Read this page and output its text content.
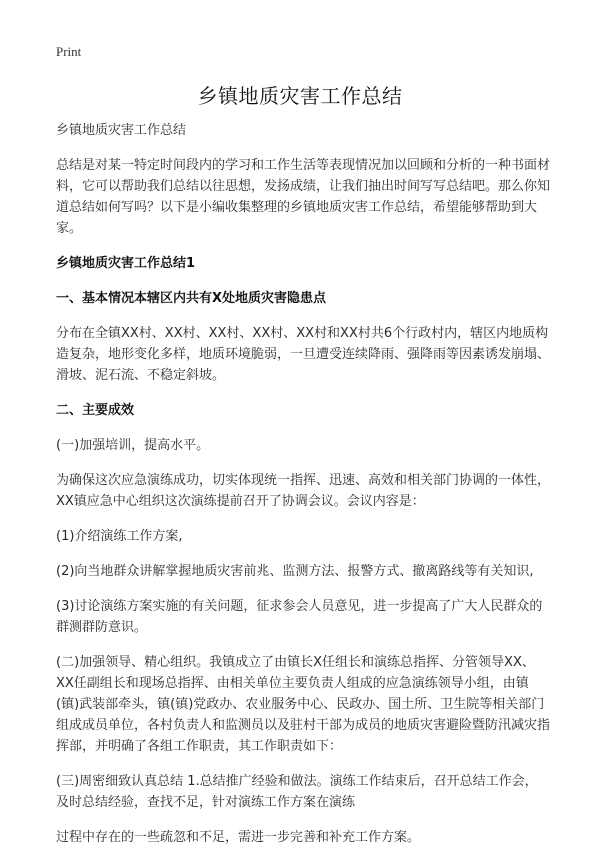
Print
乡镇地质灾害工作总结

乡镇地质灾害工作总结

总结是对某一特定时间段内的学习和工作生活等表现情况加以回顾和分析的一种书面材料，它可以帮助我们总结以往思想，发扬成绩，让我们抽出时间写写总结吧。那么你知道总结如何写吗？以下是小编收集整理的乡镇地质灾害工作总结，希望能够帮助到大家。

乡镇地质灾害工作总结1

一、基本情况本辖区内共有X处地质灾害隐患点

分布在全镇XX村、XX村、XX村、XX村、XX村和XX村共6个行政村内，辖区内地质构造复杂，地形变化多样，地质环境脆弱，一旦遭受连续降雨、强降雨等因素诱发崩塌、滑坡、泥石流、不稳定斜坡。

二、主要成效

(一)加强培训，提高水平。

为确保这次应急演练成功，切实体现统一指挥、迅速、高效和相关部门协调的一体性，XX镇应急中心组织这次演练提前召开了协调会议。会议内容是：

(1)介绍演练工作方案,

(2)向当地群众讲解掌握地质灾害前兆、监测方法、报警方式、撤离路线等有关知识,

(3)讨论演练方案实施的有关问题，征求参会人员意见，进一步提高了广大人民群众的群测群防意识。

(二)加强领导、精心组织。我镇成立了由镇长X任组长和演练总指挥、分管领导XX、XX任副组长和现场总指挥、由相关单位主要负责人组成的应急演练领导小组，由镇(镇)武装部牵头，镇(镇)党政办、农业服务中心、民政办、国土所、卫生院等相关部门组成成员单位，各村负责人和监测员以及驻村干部为成员的地质灾害避险暨防汛减灾指挥部，并明确了各组工作职责，其工作职责如下：

(三)周密细致认真总结 1.总结推广经验和做法。演练工作结束后，召开总结工作会，及时总结经验，查找不足，针对演练工作方案在演练

过程中存在的一些疏忽和不足，需进一步完善和补充工作方案。
